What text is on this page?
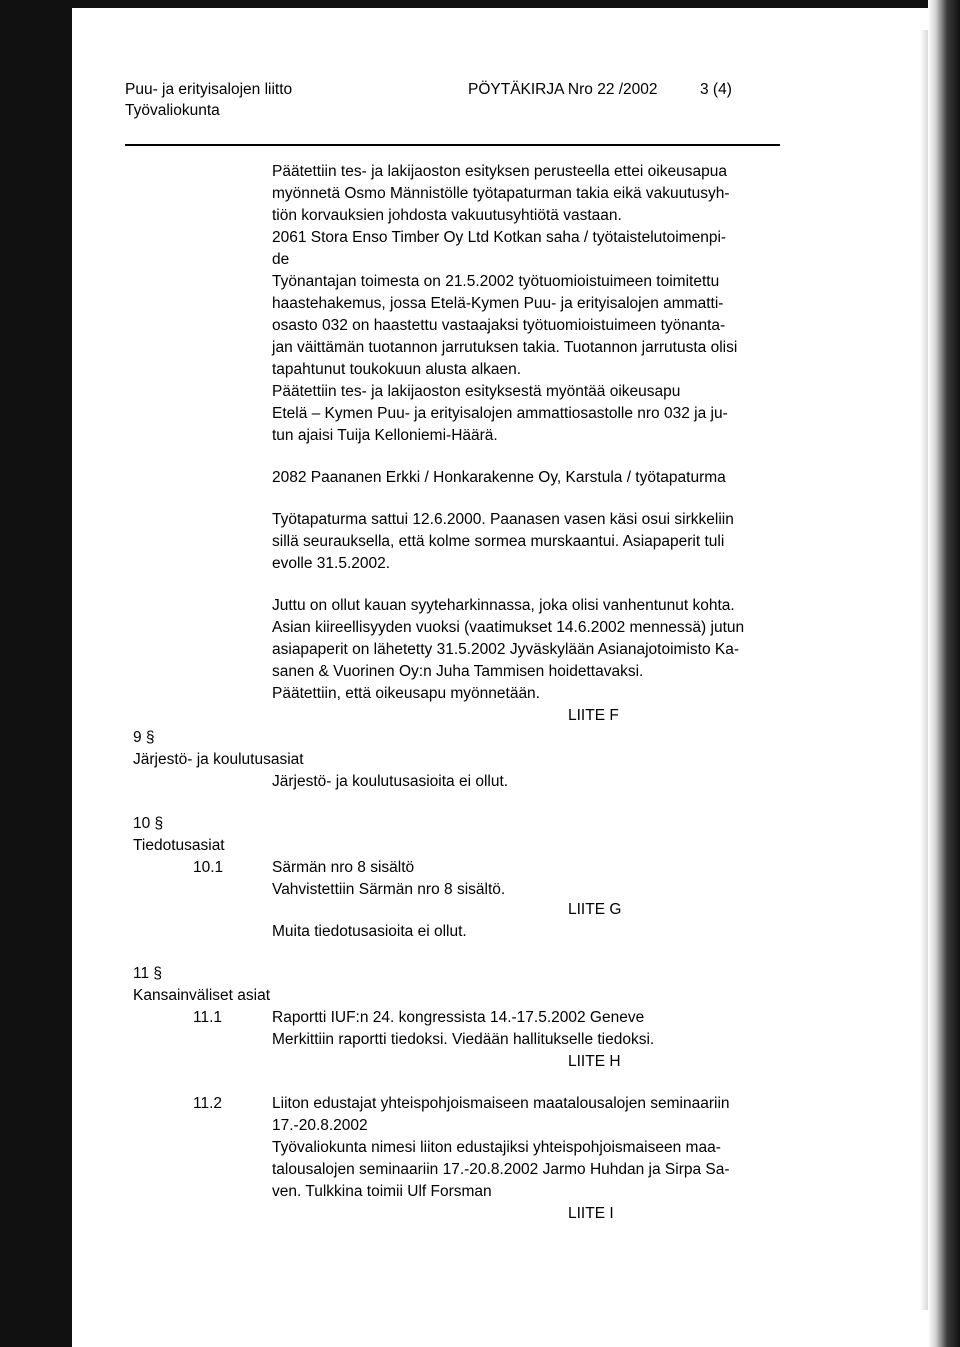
Puu- ja erityisalojen liitto	PÖYTÄKIRJA Nro 22 /2002	3 (4)

Työvaliokunta

Päätettiin tes- ja lakijaoston esityksen perusteella ettei oikeusapua

myönnetä Osmo Männistölle työtapaturman takia eikä vakuutusyh-

tiön korvauksien johdosta vakuutusyhtiötä vastaan.

2061 Stora Enso Timber Oy Ltd Kotkan saha / työtaistelutoimenpi-

de

Työnantajan toimesta on 21.5.2002 työtuomioistuimeen toimitettu

haastehakemus, jossa Etelä-Kymen Puu- ja erityisalojen ammatti-

osasto 032 on haastettu vastaajaksi työtuomioistuimeen työnanta-

jan väittämän tuotannon jarrutuksen takia. Tuotannon jarrutusta olisi

tapahtunut toukokuun alusta alkaen.

Päätettiin tes- ja lakijaoston esityksestä myöntää oikeusapu

Etelä – Kymen Puu- ja erityisalojen ammattiosastolle nro 032 ja ju-

tun ajaisi Tuija Kelloniemi-Häärä.

2082 Paananen Erkki / Honkarakenne Oy, Karstula / työtapaturma

Työtapaturma sattui 12.6.2000. Paanasen vasen käsi osui sirkkeliin

sillä seurauksella, että kolme sormea murskaantui. Asiapaperit tuli

evolle 31.5.2002.

Juttu on ollut kauan syyteharkinnassa, joka olisi vanhentunut kohta.

Asian kiireellisyyden vuoksi (vaatimukset 14.6.2002 mennessä) jutun

asiapaperit on lähetetty 31.5.2002 Jyväskylään Asianajotoimisto Ka-

sanen & Vuorinen Oy:n Juha Tammisen hoidettavaksi.

Päätettiin, että oikeusapu myönnetään.

LIITE F

9 §

Järjestö- ja koulutusasiat

Järjestö- ja koulutusasioita ei ollut.

10 §

Tiedotusasiat

10.1	Särmän nro 8 sisältö

Vahvistettiin Särmän nro 8 sisältö.

LIITE G

Muita tiedotusasioita ei ollut.

11 §

Kansainväliset asiat

11.1	Raportti IUF:n 24. kongressista 14.-17.5.2002 Geneve

Merkittiin raportti tiedoksi. Viedään hallitukselle tiedoksi.

LIITE H

11.2	Liiton edustajat yhteispohjoismaiseen maatalousalojen seminaariin

17.-20.8.2002

Työvaliokunta nimesi liiton edustajiksi yhteispohjoismaiseen maa-

talousalojen seminaariin 17.-20.8.2002 Jarmo Huhdan ja Sirpa Sa-

ven. Tulkkina toimii Ulf Forsman

LIITE I
